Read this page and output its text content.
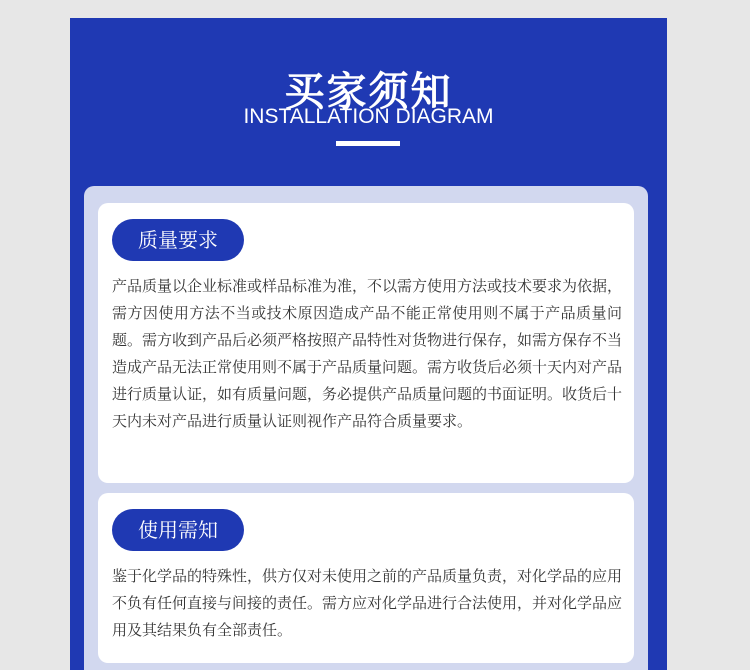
买家须知
INSTALLATION DIAGRAM
质量要求

产品质量以企业标准或样品标准为准，不以需方使用方法或技术要求为依据，需方因使用方法不当或技术原因造成产品不能正常使用则不属于产品质量问题。需方收到产品后必须严格按照产品特性对货物进行保存，如需方保存不当造成产品无法正常使用则不属于产品质量问题。需方收货后必须十天内对产品进行质量认证，如有质量问题，务必提供产品质量问题的书面证明。收货后十天内未对产品进行质量认证则视作产品符合质量要求。

使用需知

鉴于化学品的特殊性，供方仅对未使用之前的产品质量负责，对化学品的应用不负有任何直接与间接的责任。需方应对化学品进行合法使用，并对化学品应用及其结果负有全部责任。
